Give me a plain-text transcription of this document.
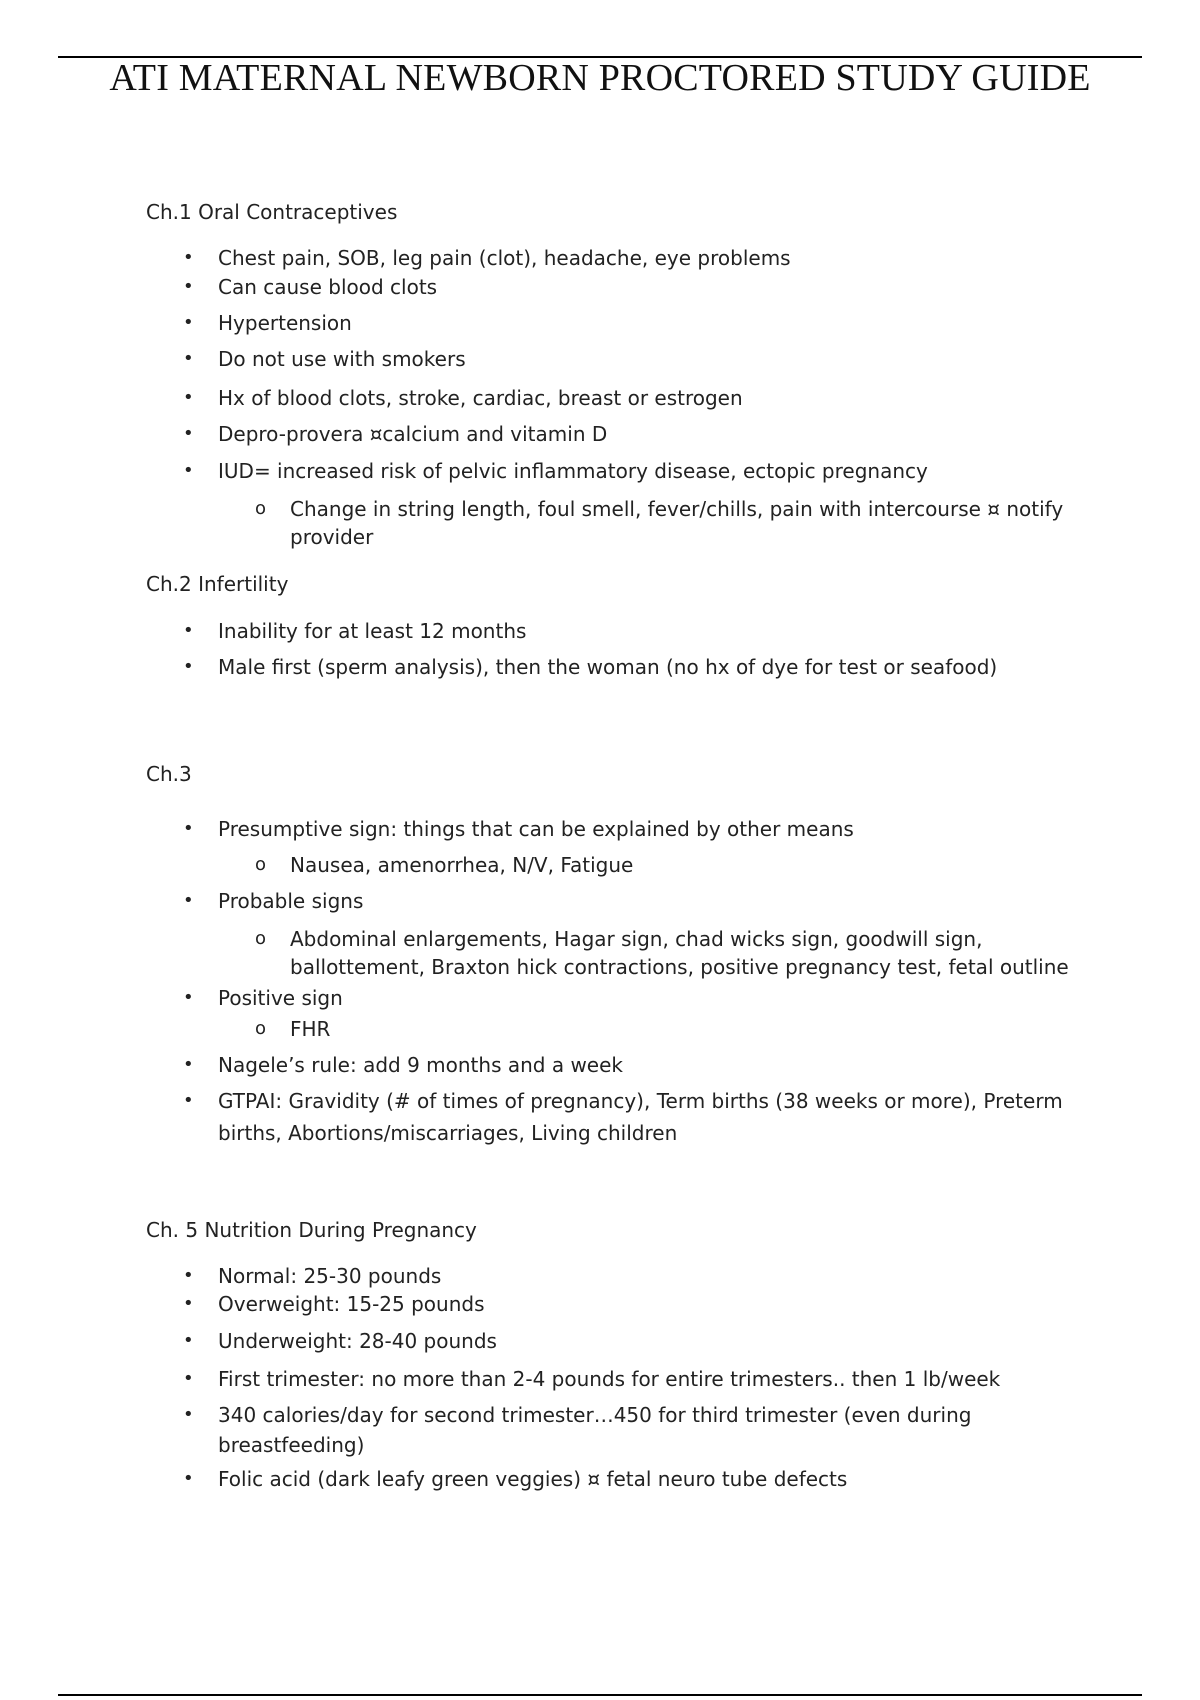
ATI MATERNAL NEWBORN PROCTORED STUDY GUIDE
Ch.1 Oral Contraceptives
• Chest pain, SOB, leg pain (clot), headache, eye problems
• Can cause blood clots
• Hypertension
• Do not use with smokers
• Hx of blood clots, stroke, cardiac, breast or estrogen
• Depro-provera ¤calcium and vitamin D
• IUD= increased risk of pelvic inflammatory disease, ectopic pregnancy
o Change in string length, foul smell, fever/chills, pain with intercourse ¤ notify
provider
Ch.2 Infertility
• Inability for at least 12 months
• Male first (sperm analysis), then the woman (no hx of dye for test or seafood)
Ch.3
• Presumptive sign: things that can be explained by other means
o Nausea, amenorrhea, N/V, Fatigue
• Probable signs
o Abdominal enlargements, Hagar sign, chad wicks sign, goodwill sign,
ballottement, Braxton hick contractions, positive pregnancy test, fetal outline
• Positive sign
o FHR
• Nagele’s rule: add 9 months and a week
• GTPAI: Gravidity (# of times of pregnancy), Term births (38 weeks or more), Preterm
births, Abortions/miscarriages, Living children
Ch. 5 Nutrition During Pregnancy
• Normal: 25-30 pounds
• Overweight: 15-25 pounds
• Underweight: 28-40 pounds
• First trimester: no more than 2-4 pounds for entire trimesters.. then 1 lb/week
• 340 calories/day for second trimester…450 for third trimester (even during
breastfeeding)
• Folic acid (dark leafy green veggies) ¤ fetal neuro tube defects
